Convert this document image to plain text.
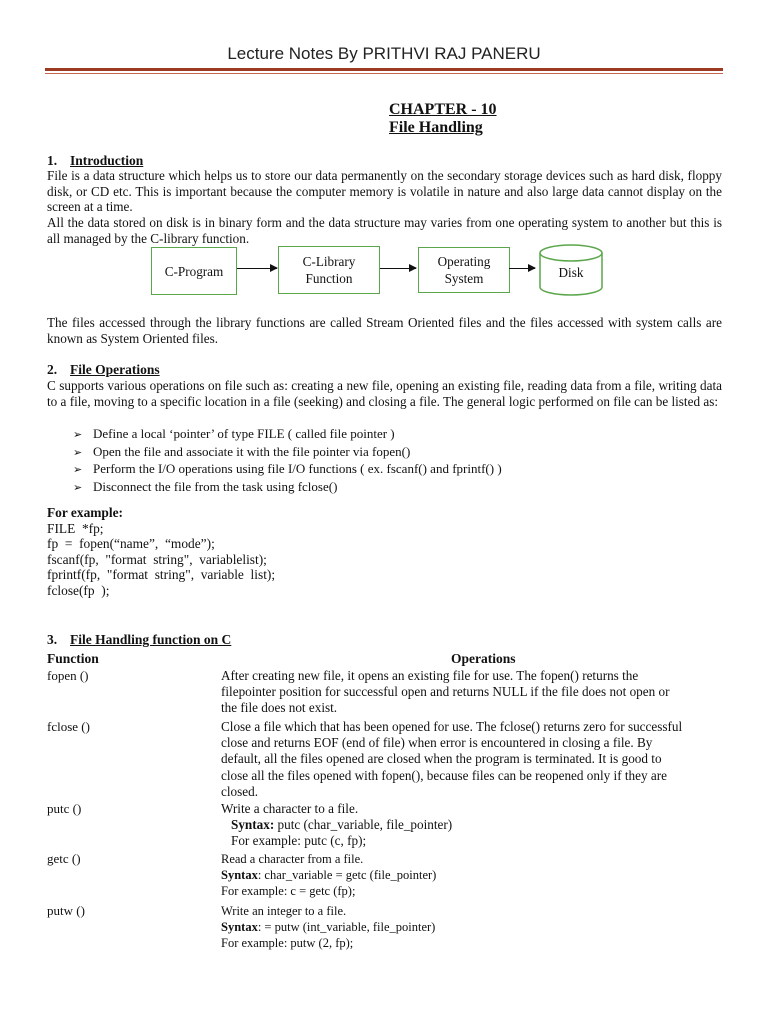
Lecture Notes By PRITHVI RAJ PANERU
CHAPTER - 10
File Handling
1. Introduction
File is a data structure which helps us to store our data permanently on the secondary storage devices such as hard disk, floppy disk, or CD etc. This is important because the computer memory is volatile in nature and also large data cannot display on the screen at a time.
All the data stored on disk is in binary form and the data structure may varies from one operating system to another but this is all managed by the C-library function.
C-Program
C-Library
Function
Operating
System	Disk
The files accessed through the library functions are called Stream Oriented files and the files accessed with system calls are known as System Oriented files.
2. File Operations
C supports various operations on file such as: creating a new file, opening an existing file, reading data from a file, writing data to a file, moving to a specific location in a file (seeking) and closing a file. The general logic performed on file can be listed as:
➢ Define a local ‘pointer’ of type FILE ( called file pointer )
➢ Open the file and associate it with the file pointer via fopen()
➢ Perform the I/O operations using file I/O functions ( ex. fscanf() and fprintf() )
➢ Disconnect the file from the task using fclose()
For example:
FILE  *fp;
fp  =  fopen(“name”,  “mode”);
fscanf(fp,  "format  string",  variablelist);
fprintf(fp,  "format  string",  variable  list);
fclose(fp  );
3. File Handling function on C
Function	Operations
fopen ()	After creating new file, it opens an existing file for use. The fopen() returns the
filepointer position for successful open and returns NULL if the file does not open or
the file does not exist.
fclose ()	Close a file which that has been opened for use. The fclose() returns zero for successful
close and returns EOF (end of file) when error is encountered in closing a file. By
default, all the files opened are closed when the program is terminated. It is good to
close all the files opened with fopen(), because files can be reopened only if they are
closed.
putc ()	Write a character to a file.
Syntax: putc (char_variable, file_pointer)
For example: putc (c, fp);
getc ()	Read a character from a file.
Syntax: char_variable = getc (file_pointer)
For example: c = getc (fp);
putw ()	Write an integer to a file.
Syntax: = putw (int_variable, file_pointer)
For example: putw (2, fp);
